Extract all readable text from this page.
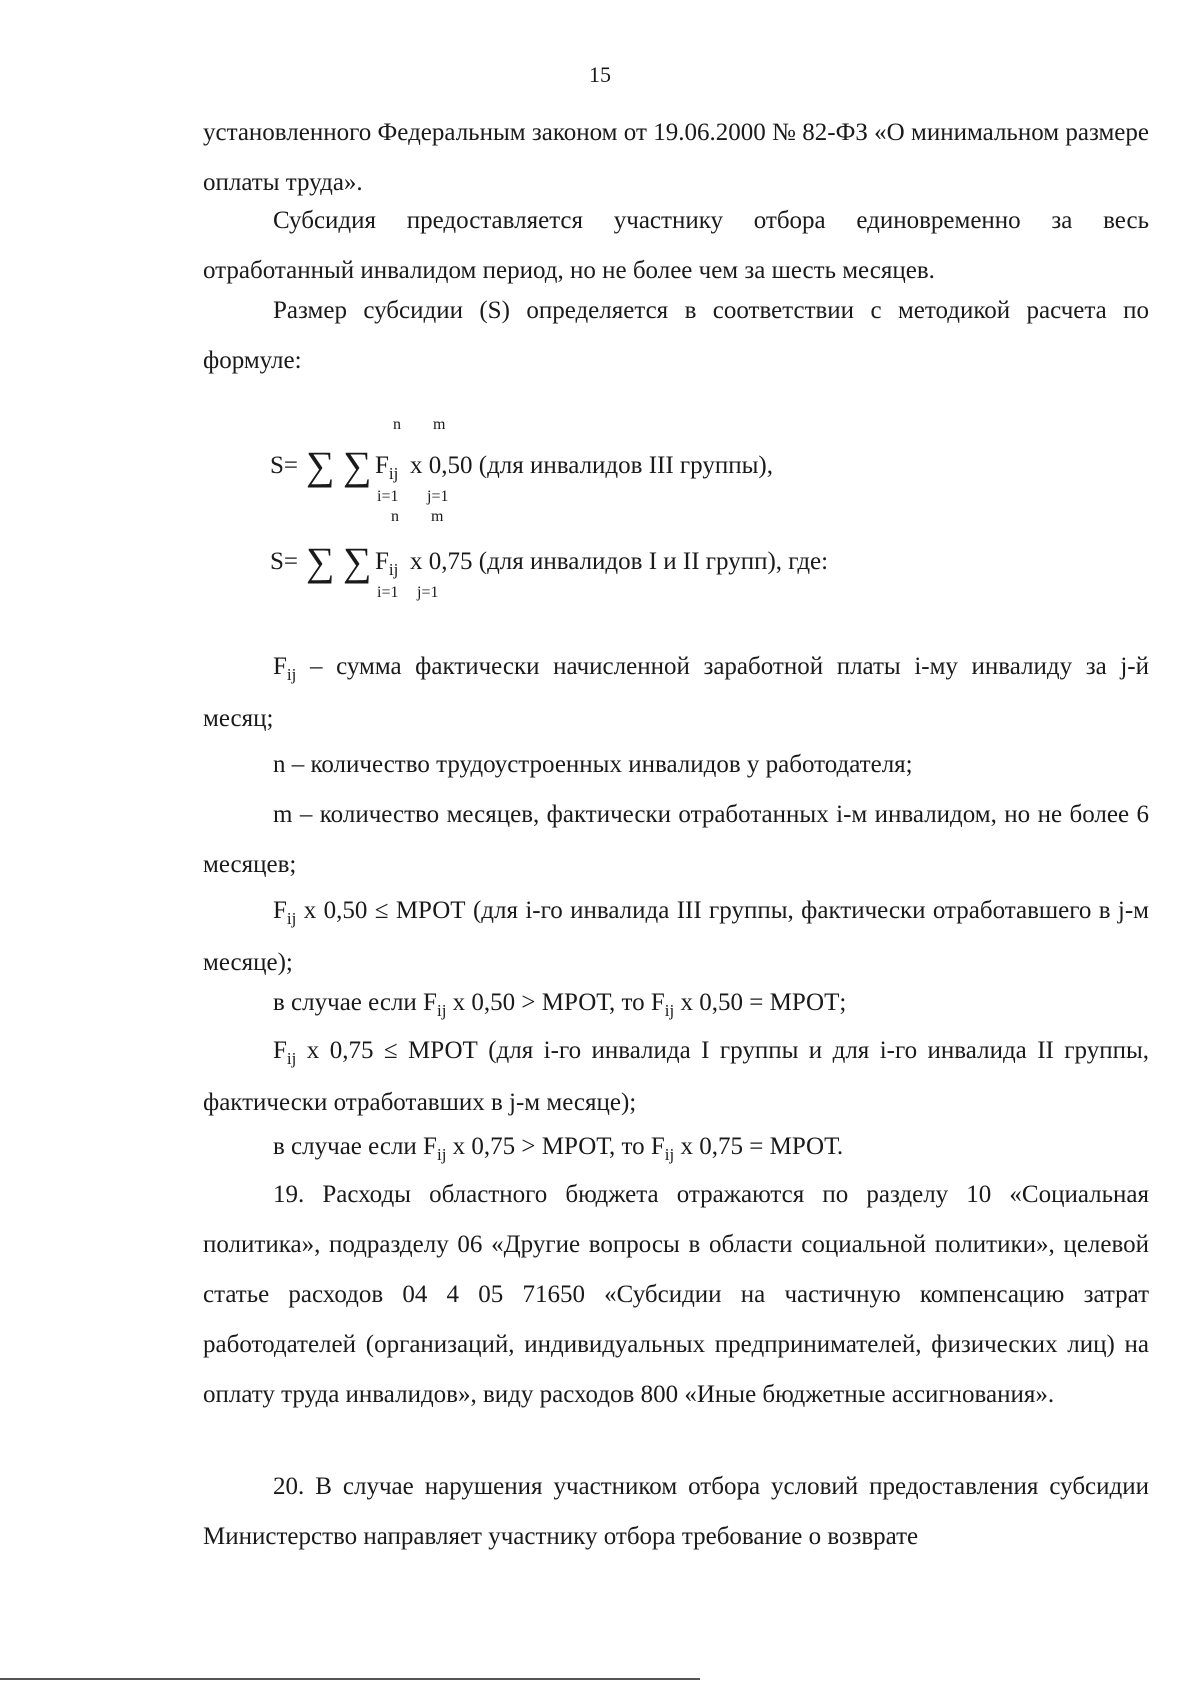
15

установленного Федеральным законом от 19.06.2000 № 82-ФЗ «О минимальном размере оплаты труда».

Субсидия предоставляется участнику отбора единовременно за весь отработанный инвалидом период, но не более чем за шесть месяцев.

Размер субсидии (S) определяется в соответствии с методикой расчета по формуле:

n m
S= ∑ ∑ $F_{ij}$ x 0,50 (для инвалидов III группы),
i=1 j=1
n m
S= ∑ ∑ $F_{ij}$ x 0,75 (для инвалидов I и II групп), где:
i=1 j=1

$F_{ij}$ – сумма фактически начисленной заработной платы i-му инвалиду за j-й месяц;

n – количество трудоустроенных инвалидов у работодателя;

m – количество месяцев, фактически отработанных i-м инвалидом, но не более 6 месяцев;

$F_{ij}$ x 0,50 ≤ МРОТ (для i-го инвалида III группы, фактически отработавшего в j-м месяце);

в случае если $F_{ij}$ x 0,50 > МРОТ, то $F_{ij}$ x 0,50 = МРОТ;

$F_{ij}$ x 0,75 ≤ МРОТ (для i-го инвалида I группы и для i-го инвалида II группы, фактически отработавших в j-м месяце);

в случае если $F_{ij}$ x 0,75 > МРОТ, то $F_{ij}$ x 0,75 = МРОТ.

19. Расходы областного бюджета отражаются по разделу 10 «Социальная политика», подразделу 06 «Другие вопросы в области социальной политики», целевой статье расходов 04 4 05 71650 «Субсидии на частичную компенсацию затрат работодателей (организаций, индивидуальных предпринимателей, физических лиц) на оплату труда инвалидов», виду расходов 800 «Иные бюджетные ассигнования».

20. В случае нарушения участником отбора условий предоставления субсидии Министерство направляет участнику отбора требование о возврате
